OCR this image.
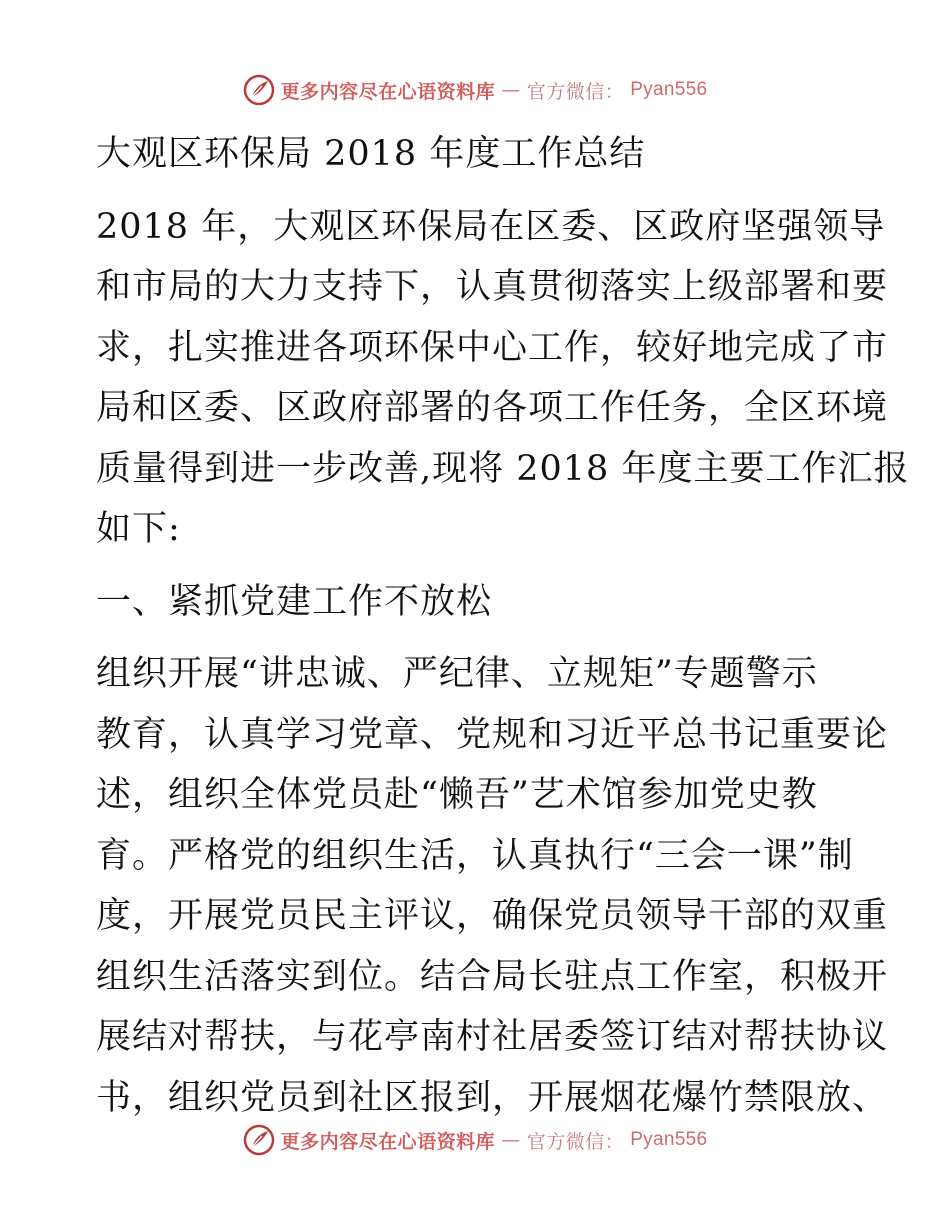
更多内容尽在心语资料库 — 官方微信： Pyan556
大观区环保局 2018 年度工作总结
2018 年，大观区环保局在区委、区政府坚强领导
和市局的大力支持下，认真贯彻落实上级部署和要
求，扎实推进各项环保中心工作，较好地完成了市
局和区委、区政府部署的各项工作任务，全区环境
质量得到进一步改善,现将 2018 年度主要工作汇报
如下:
一、紧抓党建工作不放松
组织开展“讲忠诚、严纪律、立规矩”专题警示
教育，认真学习党章、党规和习近平总书记重要论
述，组织全体党员赴“懒吾”艺术馆参加党史教
育。严格党的组织生活，认真执行“三会一课”制
度，开展党员民主评议，确保党员领导干部的双重
组织生活落实到位。结合局长驻点工作室，积极开
展结对帮扶，与花亭南村社居委签订结对帮扶协议
书，组织党员到社区报到，开展烟花爆竹禁限放、
更多内容尽在心语资料库 — 官方微信： Pyan556
